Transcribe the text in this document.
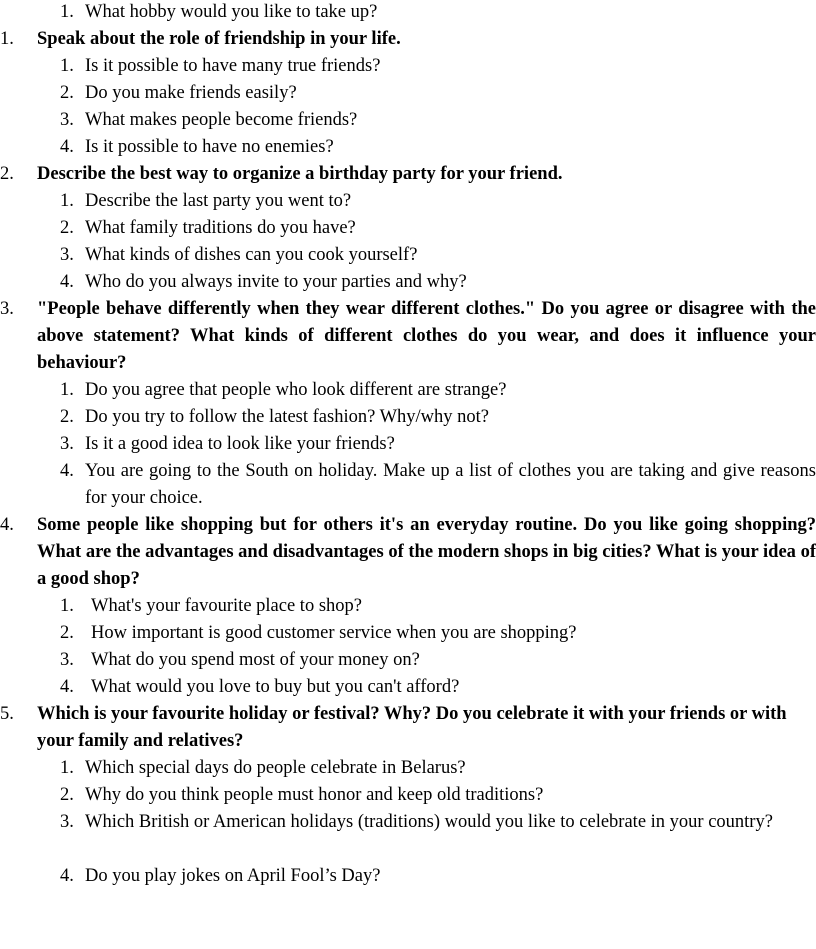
1. What hobby would you like to take up?
1. Speak about the role of friendship in your life.
1. Is it possible to have many true friends?
2. Do you make friends easily?
3. What makes people become friends?
4. Is it possible to have no enemies?
2. Describe the best way to organize a birthday party for your friend.
1. Describe the last party you went to?
2. What family traditions do you have?
3. What kinds of dishes can you cook yourself?
4. Who do you always invite to your parties and why?
3. "People behave differently when they wear different clothes." Do you agree or disagree with the above statement? What kinds of different clothes do you wear, and does it influence your behaviour?
1. Do you agree that people who look different are strange?
2. Do you try to follow the latest fashion? Why/why not?
3. Is it a good idea to look like your friends?
4. You are going to the South on holiday. Make up a list of clothes you are taking and give reasons for your choice.
4. Some people like shopping but for others it's an everyday routine. Do you like going shopping? What are the advantages and disadvantages of the modern shops in big cities? What is your idea of a good shop?
1. What's your favourite place to shop?
2. How important is good customer service when you are shopping?
3. What do you spend most of your money on?
4. What would you love to buy but you can't afford?
5. Which is your favourite holiday or festival? Why? Do you celebrate it with your friends or with your family and relatives?
1. Which special days do people celebrate in Belarus?
2. Why do you think people must honor and keep old traditions?
3. Which British or American holidays (traditions) would you like to celebrate in your country?
4. Do you play jokes on April Fool’s Day?
